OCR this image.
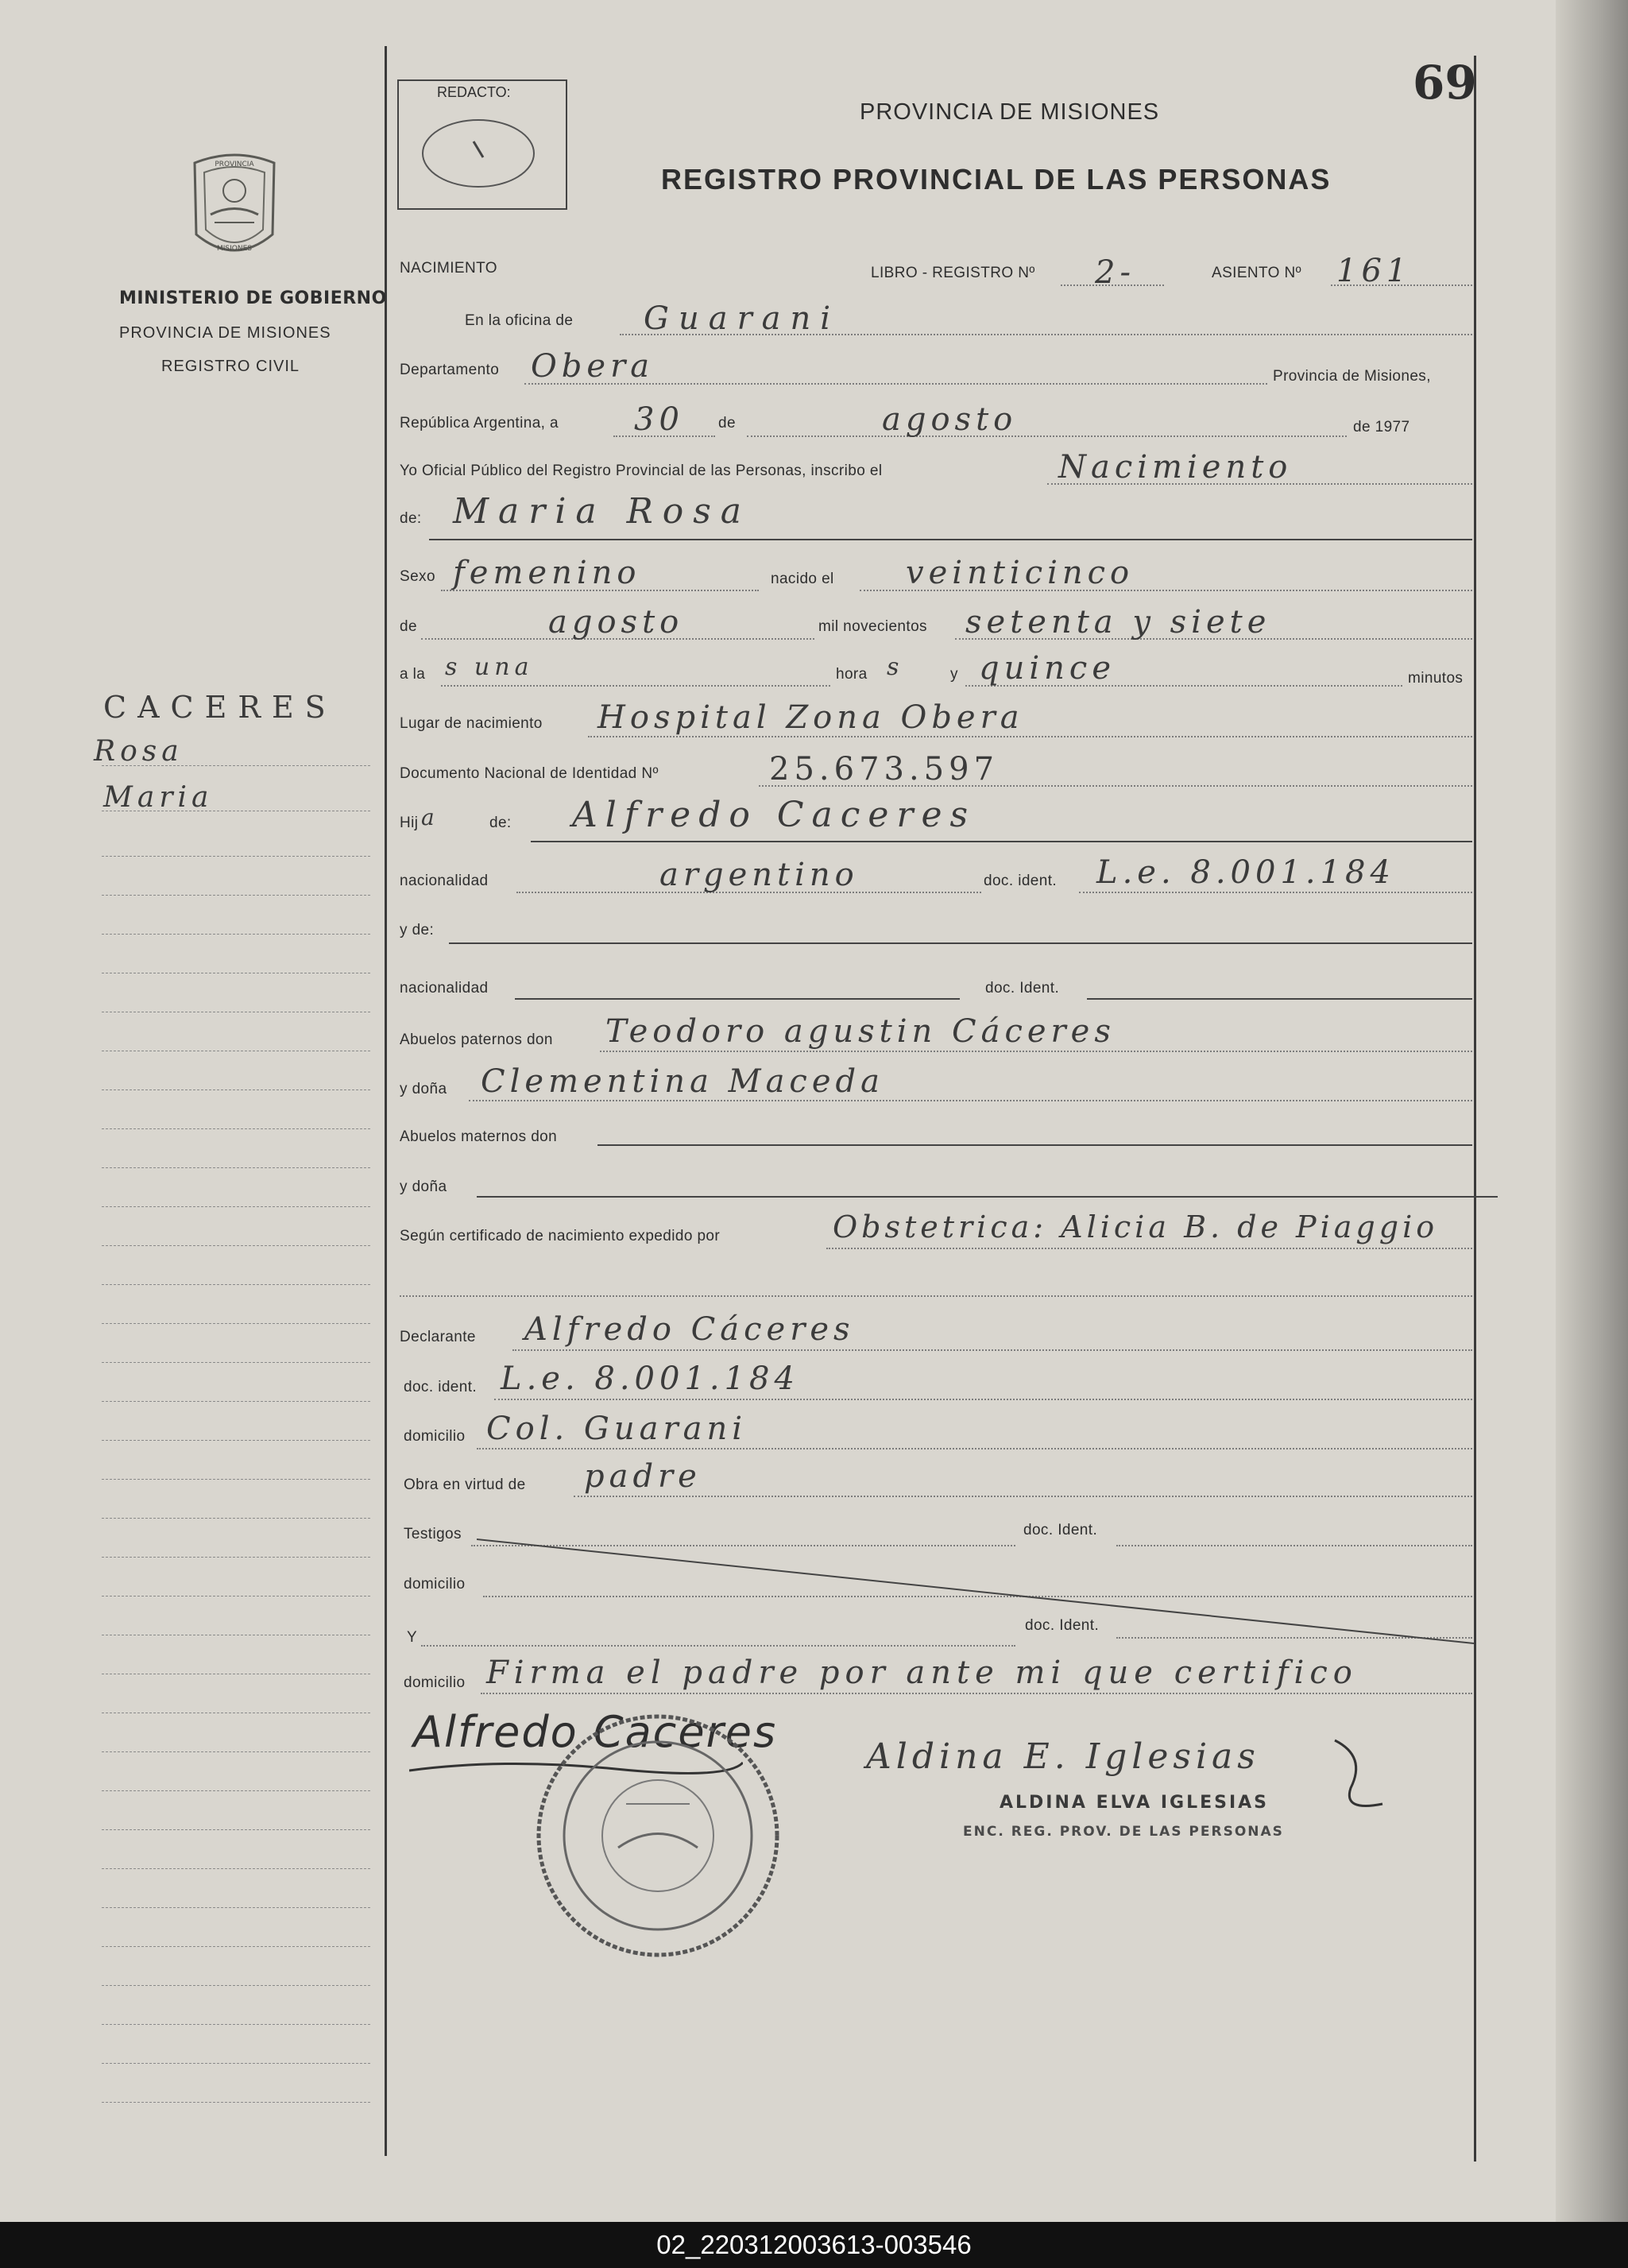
PROVINCIA
MISIONES
MINISTERIO DE GOBIERNO
PROVINCIA DE MISIONES
REGISTRO CIVIL
CACERES
Rosa
Maria
REDACTO:	69
PROVINCIA DE MISIONES
REGISTRO PROVINCIAL DE LAS PERSONAS
NACIMIENTO	LIBRO - REGISTRO Nº 2-	ASIENTO Nº 161
En la oficina de Guarani
Departamento Obera	Provincia de Misiones,
República Argentina, a 30 de	agosto	de 1977
Yo Oficial Público del Registro Provincial de las Personas, inscribo el	Nacimiento
de: Maria Rosa
Sexo femenino	nacido el veinticinco
de	agosto	mil novecientos setenta y siete
a la s una	hora s	y quince	minutos
Lugar de nacimiento Hospital Zona Obera
Documento Nacional de Identidad Nº	25.673.597
Hij a	de: Alfredo Caceres
nacionalidad	argentino	doc. ident. L.e. 8.001.184
y de:
nacionalidad	doc. Ident.
Abuelos paternos don Teodoro agustin Cáceres
y doña Clementina Maceda
Abuelos maternos don
y doña
Según certificado de nacimiento expedido por	Obstetrica: Alicia B. de Piaggio
Declarante Alfredo Cáceres
doc. ident. L.e. 8.001.184
domicilio Col. Guarani
Obra en virtud de padre
Testigos	doc. Ident.
domicilio
Y
doc. Ident.
domicilio Firma el padre por ante mi que certifico
Alfredo Caceres	Aldina E. Iglesias
ALDINA ELVA IGLESIAS
ENC. REG. PROV. DE LAS PERSONAS
02_220312003613-003546
